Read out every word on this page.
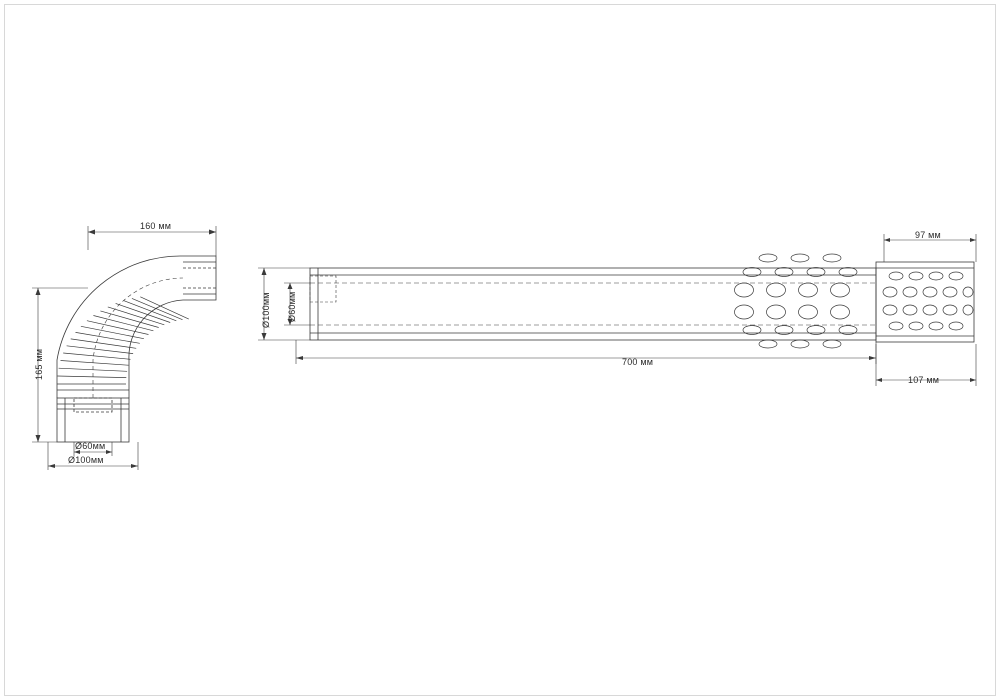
160 мм
165 мм
Ø60мм
Ø100мм
Ø100мм Ø60мм
700 мм
97 мм
107 мм
